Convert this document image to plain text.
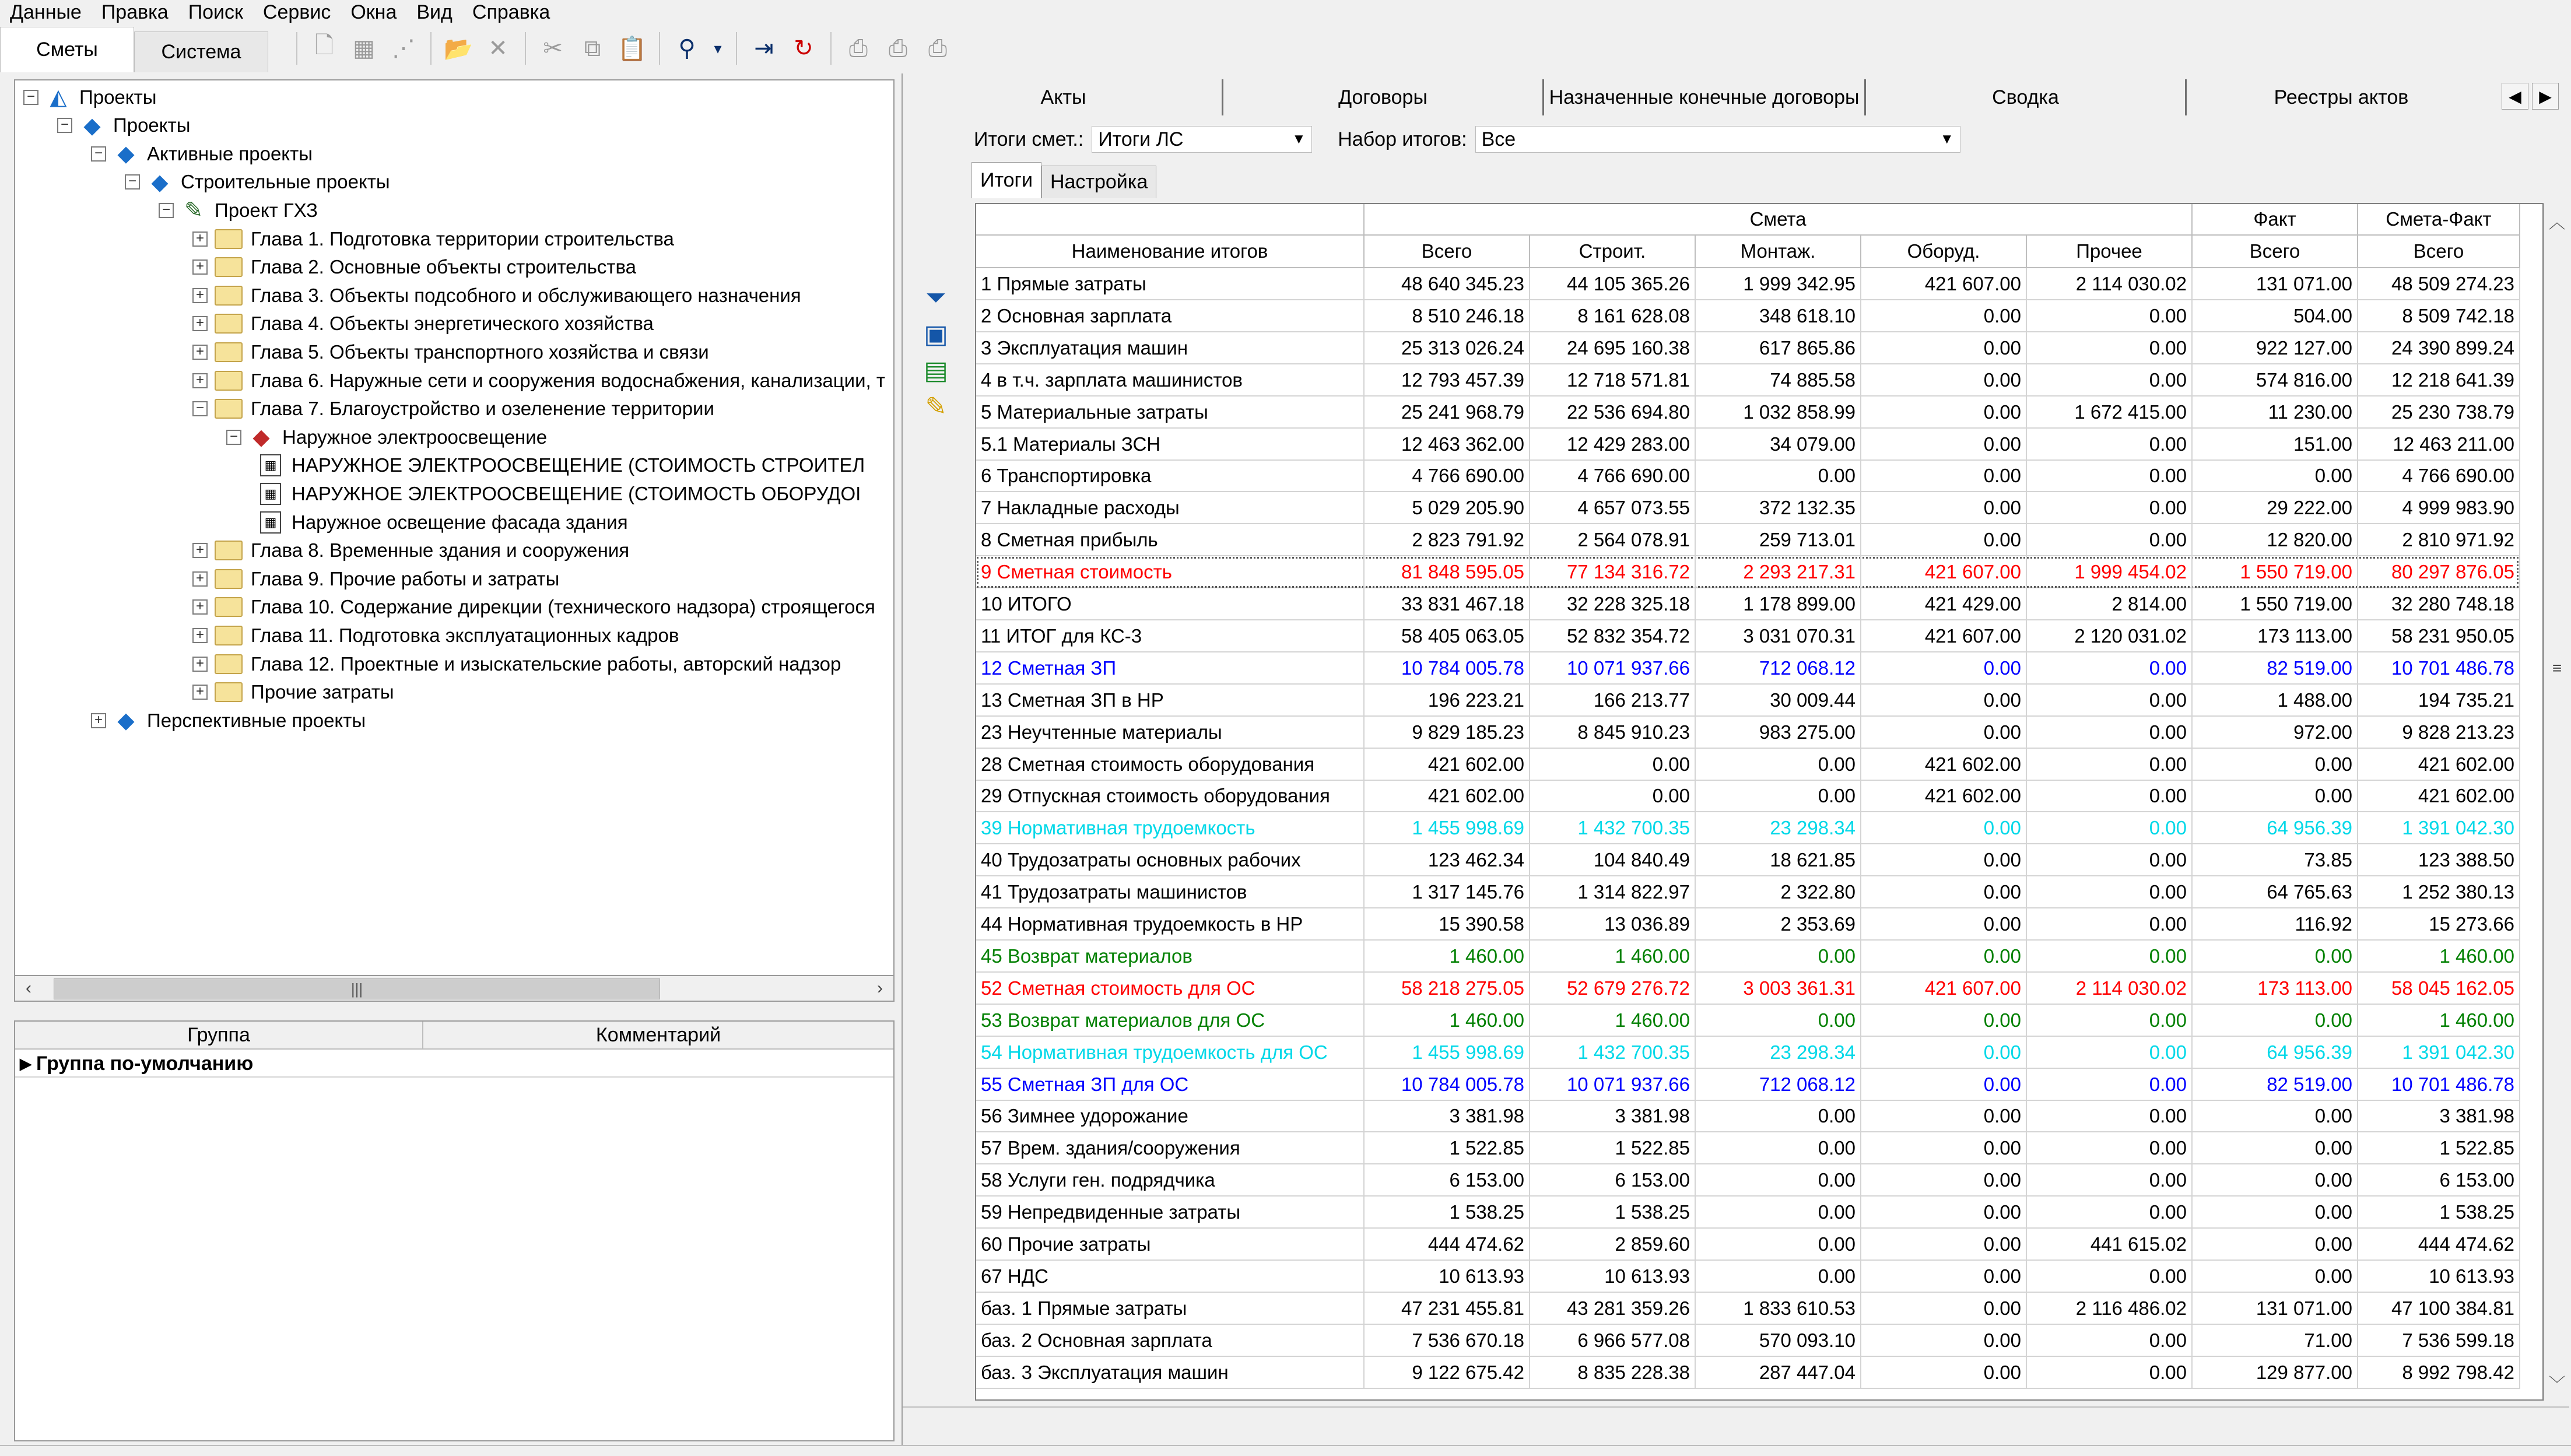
Данные	Правка	Поиск	Сервис	Окна	Вид	Справка
Сметы	Система	🗋 ▦ ⋰ 📂 ✕	✂ ⧉ 📋	⚲	▾	⇥ ↻	⎙ ⎙ ⎙
− ◭ Проекты
− ◆ Проекты
− ◆ Активные проекты
− ◆ Строительные проекты
− ✎ Проект ГХЗ
+ Глава 1. Подготовка территории строительства
+ Глава 2. Основные объекты строительства
+ Глава 3. Объекты подсобного и обслуживающего назначения
+ Глава 4. Объекты энергетического хозяйства
+ Глава 5. Объекты транспортного хозяйства и связи
+ Глава 6. Наружные сети и сооружения водоснабжения, канализации, т
− Глава 7. Благоустройство и озеленение территории
− ◆ Наружное электроосвещение
▦ НАРУЖНОЕ ЭЛЕКТРООСВЕЩЕНИЕ (СТОИМОСТЬ СТРОИТЕЛ
▦ НАРУЖНОЕ ЭЛЕКТРООСВЕЩЕНИЕ (СТОИМОСТЬ ОБОРУДОІ
▦ Наружное освещение фасада здания
+ Глава 8. Временные здания и сооружения
+ Глава 9. Прочие работы и затраты
+ Глава 10. Содержание дирекции (технического надзора) строящегося
+ Глава 11. Подготовка эксплуатационных кадров
+ Глава 12. Проектные и изыскательские работы, авторский надзор
+ Прочие затраты
+ ◆ Перспективные проекты
‹	|||	›
Группа	Комментарий
▶ Группа по-умолчанию
Акты	Договоры	Назначенные конечные договоры	Сводка	Реестры актов	◀	▶
Итоги смет.: Итоги ЛС	▼ Набор итогов: Все	▼
Итоги Настройка
⏷
▣
▤
✎
Смета	Факт	Смета-Факт
Наименование итогов	Всего	Строит.	Монтаж.	Оборуд.	Прочее	Всего	Всего
1 Прямые затраты	48 640 345.23	44 105 365.26	1 999 342.95	421 607.00	2 114 030.02	131 071.00	48 509 274.23
2 Основная зарплата	8 510 246.18	8 161 628.08	348 618.10	0.00	0.00	504.00	8 509 742.18
3 Эксплуатация машин	25 313 026.24	24 695 160.38	617 865.86	0.00	0.00	922 127.00	24 390 899.24
4 в т.ч. зарплата машинистов	12 793 457.39	12 718 571.81	74 885.58	0.00	0.00	574 816.00	12 218 641.39
5 Материальные затраты	25 241 968.79	22 536 694.80	1 032 858.99	0.00	1 672 415.00	11 230.00	25 230 738.79
5.1 Материалы ЗСН	12 463 362.00	12 429 283.00	34 079.00	0.00	0.00	151.00	12 463 211.00
6 Транспортировка	4 766 690.00	4 766 690.00	0.00	0.00	0.00	0.00	4 766 690.00
7 Накладные расходы	5 029 205.90	4 657 073.55	372 132.35	0.00	0.00	29 222.00	4 999 983.90
8 Сметная прибыль	2 823 791.92	2 564 078.91	259 713.01	0.00	0.00	12 820.00	2 810 971.92
9 Сметная стоимость	81 848 595.05	77 134 316.72	2 293 217.31	421 607.00	1 999 454.02	1 550 719.00	80 297 876.05
10 ИТОГО	33 831 467.18	32 228 325.18	1 178 899.00	421 429.00	2 814.00	1 550 719.00	32 280 748.18
11 ИТОГ для КС-3	58 405 063.05	52 832 354.72	3 031 070.31	421 607.00	2 120 031.02	173 113.00	58 231 950.05
12 Сметная ЗП	10 784 005.78	10 071 937.66	712 068.12	0.00	0.00	82 519.00	10 701 486.78
13 Сметная ЗП в НР	196 223.21	166 213.77	30 009.44	0.00	0.00	1 488.00	194 735.21
23 Неучтенные материалы	9 829 185.23	8 845 910.23	983 275.00	0.00	0.00	972.00	9 828 213.23
28 Сметная стоимость оборудования	421 602.00	0.00	0.00	421 602.00	0.00	0.00	421 602.00
29 Отпускная стоимость оборудования	421 602.00	0.00	0.00	421 602.00	0.00	0.00	421 602.00
39 Нормативная трудоемкость	1 455 998.69	1 432 700.35	23 298.34	0.00	0.00	64 956.39	1 391 042.30
40 Трудозатраты основных рабочих	123 462.34	104 840.49	18 621.85	0.00	0.00	73.85	123 388.50
41 Трудозатраты машинистов	1 317 145.76	1 314 822.97	2 322.80	0.00	0.00	64 765.63	1 252 380.13
44 Нормативная трудоемкость в НР	15 390.58	13 036.89	2 353.69	0.00	0.00	116.92	15 273.66
45 Возврат материалов	1 460.00	1 460.00	0.00	0.00	0.00	0.00	1 460.00
52 Сметная стоимость для ОС	58 218 275.05	52 679 276.72	3 003 361.31	421 607.00	2 114 030.02	173 113.00	58 045 162.05
53 Возврат материалов для ОС	1 460.00	1 460.00	0.00	0.00	0.00	0.00	1 460.00
54 Нормативная трудоемкость для ОС	1 455 998.69	1 432 700.35	23 298.34	0.00	0.00	64 956.39	1 391 042.30
55 Сметная ЗП для ОС	10 784 005.78	10 071 937.66	712 068.12	0.00	0.00	82 519.00	10 701 486.78
56 Зимнее удорожание	3 381.98	3 381.98	0.00	0.00	0.00	0.00	3 381.98
57 Врем. здания/сооружения	1 522.85	1 522.85	0.00	0.00	0.00	0.00	1 522.85
58 Услуги ген. подрядчика	6 153.00	6 153.00	0.00	0.00	0.00	0.00	6 153.00
59 Непредвиденные затраты	1 538.25	1 538.25	0.00	0.00	0.00	0.00	1 538.25
60 Прочие затраты	444 474.62	2 859.60	0.00	0.00	441 615.02	0.00	444 474.62
67 НДС	10 613.93	10 613.93	0.00	0.00	0.00	0.00	10 613.93
баз. 1 Прямые затраты	47 231 455.81	43 281 359.26	1 833 610.53	0.00	2 116 486.02	131 071.00	47 100 384.81
баз. 2 Основная зарплата	7 536 670.18	6 966 577.08	570 093.10	0.00	0.00	71.00	7 536 599.18
баз. 3 Эксплуатация машин	9 122 675.42	8 835 228.38	287 447.04	0.00	0.00	129 877.00	8 992 798.42
︿
≡
﹀
